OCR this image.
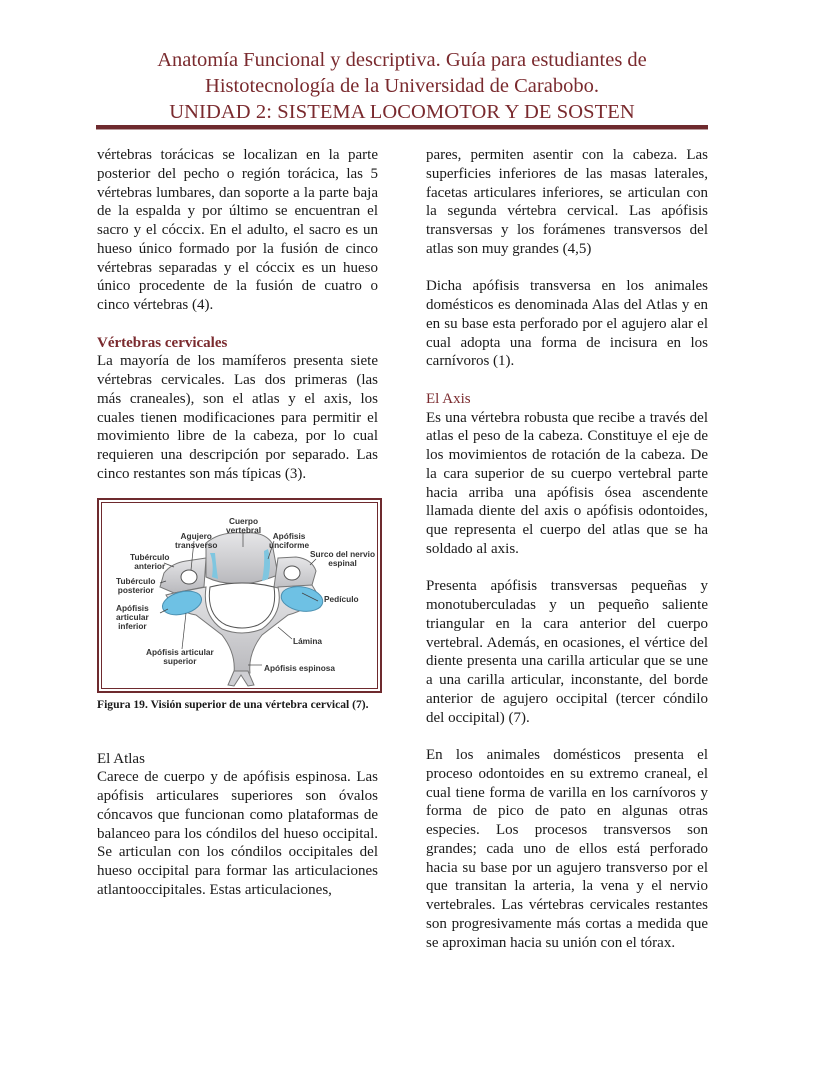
Anatomía Funcional y descriptiva. Guía para estudiantes de
Histotecnología de la Universidad de Carabobo.
UNIDAD 2: SISTEMA LOCOMOTOR Y DE SOSTEN

vértebras torácicas se localizan en la parte posterior del pecho o región torácica, las 5 vértebras lumbares, dan soporte a la parte baja de la espalda y por último se encuentran el sacro y el cóccix. En el adulto, el sacro es un hueso único formado por la fusión de cinco vértebras separadas y el cóccix es un hueso único procedente de la fusión de cuatro o cinco vértebras (4).

Vértebras cervicales

La mayoría de los mamíferos presenta siete vértebras cervicales. Las dos primeras (las más craneales), son el atlas y el axis, los cuales tienen modificaciones para permitir el movimiento libre de la cabeza, por lo cual requieren una descripción por separado. Las cinco restantes son más típicas (3).

Cuerpo
vertebral
Agujero
transverso
Apófisis
unciforme
Tubérculo
anterior
Surco del nervio
espinal
Tubérculo
posterior
Pedículo
Apófisis
articular
inferior
Lámina
Apófisis articular
superior
Apófisis espinosa
Figura 19. Visión superior de una vértebra cervical (7).
El Atlas

Carece de cuerpo y de apófisis espinosa. Las apófisis articulares superiores son óvalos cóncavos que funcionan como plataformas de balanceo para los cóndilos del hueso occipital. Se articulan con los cóndilos occipitales del hueso occipital para formar las articulaciones atlantooccipitales. Estas articulaciones,

pares, permiten asentir con la cabeza. Las superficies inferiores de las masas laterales, facetas articulares inferiores, se articulan con la segunda vértebra cervical. Las apófisis transversas y los forámenes transversos del atlas son muy grandes (4,5)

Dicha apófisis transversa en los animales domésticos es denominada Alas del Atlas y en en su base esta perforado por el agujero alar el cual adopta una forma de incisura en los carnívoros (1).

El Axis

Es una vértebra robusta que recibe a través del atlas el peso de la cabeza. Constituye el eje de los movimientos de rotación de la cabeza. De la cara superior de su cuerpo vertebral parte hacia arriba una apófisis ósea ascendente llamada diente del axis o apófisis odontoides, que representa el cuerpo del atlas que se ha soldado al axis.

Presenta apófisis transversas pequeñas y monotuberculadas y un pequeño saliente triangular en la cara anterior del cuerpo vertebral. Además, en ocasiones, el vértice del diente presenta una carilla articular que se une a una carilla articular, inconstante, del borde anterior de agujero occipital (tercer cóndilo del occipital) (7).

En los animales domésticos presenta el proceso odontoides en su extremo craneal, el cual tiene forma de varilla en los carnívoros y forma de pico de pato en algunas otras especies. Los procesos transversos son grandes; cada uno de ellos está perforado hacia su base por un agujero transverso por el que transitan la arteria, la vena y el nervio vertebrales. Las vértebras cervicales restantes son progresivamente más cortas a medida que se aproximan hacia su unión con el tórax.
